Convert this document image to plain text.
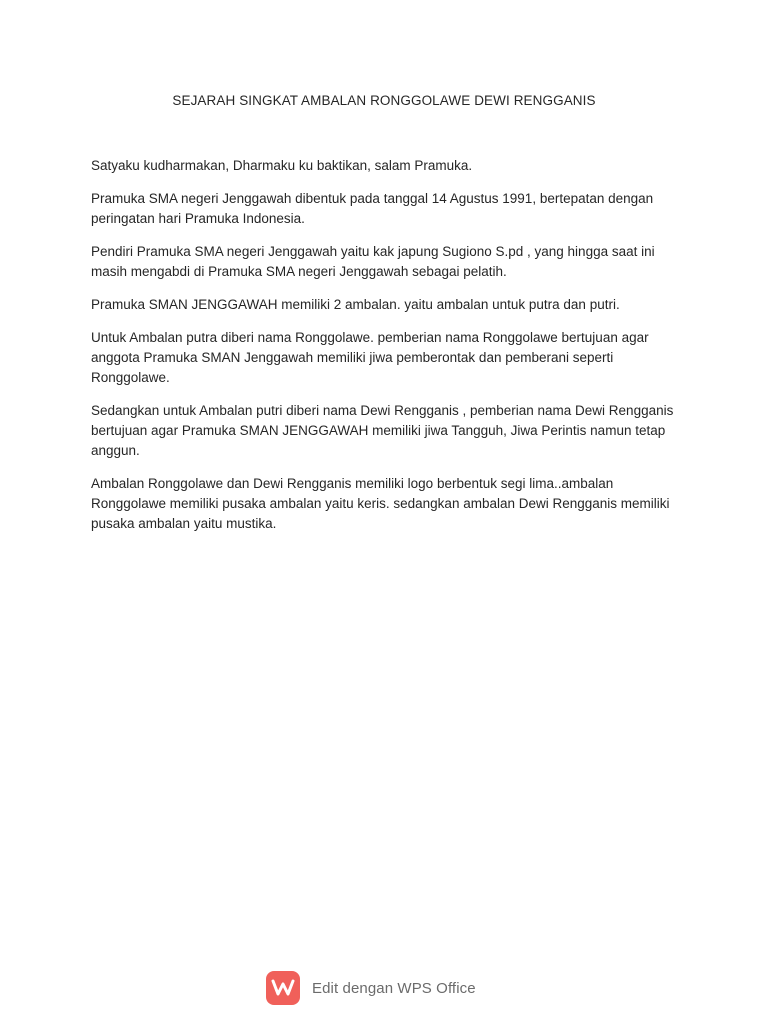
SEJARAH SINGKAT AMBALAN RONGGOLAWE DEWI RENGGANIS

Satyaku kudharmakan, Dharmaku ku baktikan, salam Pramuka.

Pramuka SMA negeri Jenggawah dibentuk pada tanggal 14 Agustus 1991, bertepatan dengan peringatan hari Pramuka Indonesia.

Pendiri Pramuka SMA negeri Jenggawah yaitu kak japung Sugiono S.pd , yang hingga saat ini masih mengabdi di Pramuka SMA negeri Jenggawah sebagai pelatih.

Pramuka SMAN JENGGAWAH memiliki 2 ambalan. yaitu ambalan untuk putra dan putri.

Untuk Ambalan putra diberi nama Ronggolawe. pemberian nama Ronggolawe bertujuan agar anggota Pramuka SMAN Jenggawah memiliki jiwa pemberontak dan pemberani seperti Ronggolawe.

Sedangkan untuk Ambalan putri diberi nama Dewi Rengganis , pemberian nama Dewi Rengganis bertujuan agar Pramuka SMAN JENGGAWAH memiliki jiwa Tangguh, Jiwa Perintis namun tetap anggun.

Ambalan Ronggolawe dan Dewi Rengganis memiliki logo berbentuk segi lima..ambalan Ronggolawe memiliki pusaka ambalan yaitu keris. sedangkan ambalan Dewi Rengganis memiliki pusaka ambalan yaitu mustika.

Edit dengan WPS Office
